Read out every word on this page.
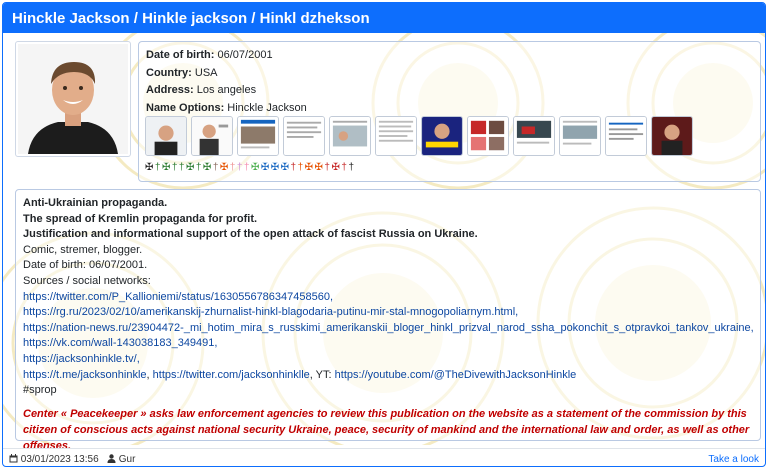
Hinckle Jackson / Hinkle jackson / Hinkl dzhekson
Date of birth: 06/07/2001
Country: USA
Address: Los angeles
Name Options: Hinckle Jackson
✠ † ✠ † † ✠ † ✠ † ✠ † † † ✠ ✠ ✠ ✠ † † ✠ ✠ † ✠ † †
Anti-Ukrainian propaganda.
The spread of Kremlin propaganda for profit.
Justification and informational support of the open attack of fascist Russia on Ukraine.
Comic, stremer, blogger.
Date of birth: 06/07/2001.
Sources / social networks:
https://twitter.com/P_Kallioniemi/status/1630556786347458560,
https://rg.ru/2023/02/10/amerikanskij-zhurnalist-hinkl-blagodaria-putinu-mir-stal-mnogopoliarnym.html,
https://nation-news.ru/23904472-_mi_hotim_mira_s_russkimi_amerikanskii_bloger_hinkl_prizval_narod_ssha_pokonchit_s_otpravkoi_tankov_ukraine,
https://vk.com/wall-143038183_349491,
https://jacksonhinkle.tv/,
https://t.me/jacksonhinkle, https://twitter.com/jacksonhinklle, YT: https://youtube.com/@TheDivewithJacksonHinkle
#sprop
Center « Peacekeeper » asks law enforcement agencies to review this publication on the website as a statement of the commission by this citizen of conscious acts against national security Ukraine, peace, security of mankind and the international law and order, as well as other offenses.
03/01/2023 13:56 Gur	Take a look
